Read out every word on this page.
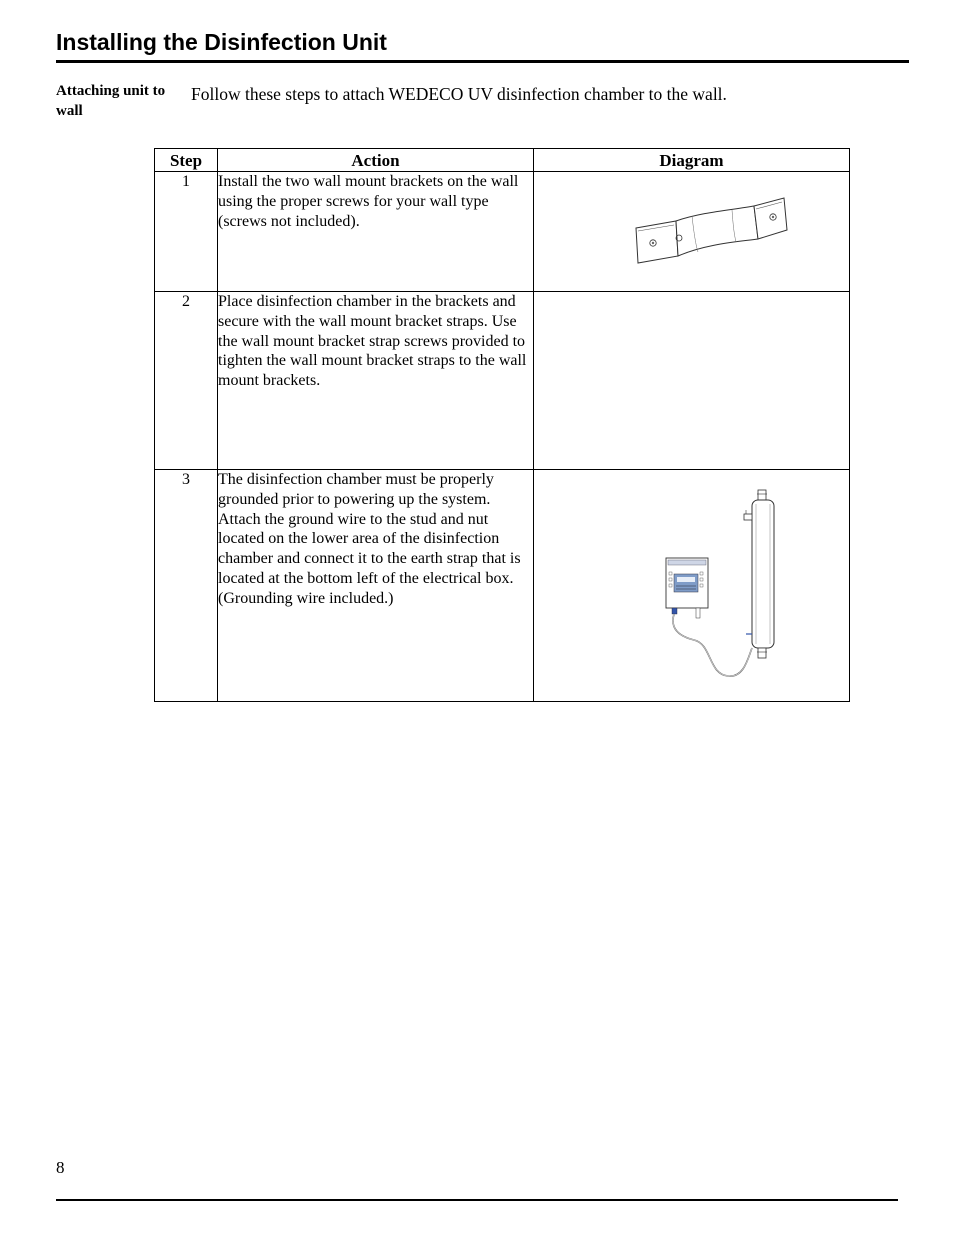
Installing the Disinfection Unit
Attaching unit to wall
Follow these steps to attach WEDECO UV disinfection chamber to the wall.
Step	Action	Diagram
1	Install the two wall mount brackets on the wall using the proper screws for your wall type (screws not included).	

2	Place disinfection chamber in the brackets and secure with the wall mount bracket straps. Use the wall mount bracket strap screws provided to tighten the wall mount bracket straps to the wall mount brackets.	
3	The disinfection chamber must be properly grounded prior to powering up the system. Attach the ground wire to the stud and nut located on the lower area of the disinfection chamber and connect it to the earth strap that is located at the bottom left of the electrical box. (Grounding wire included.)	
8
